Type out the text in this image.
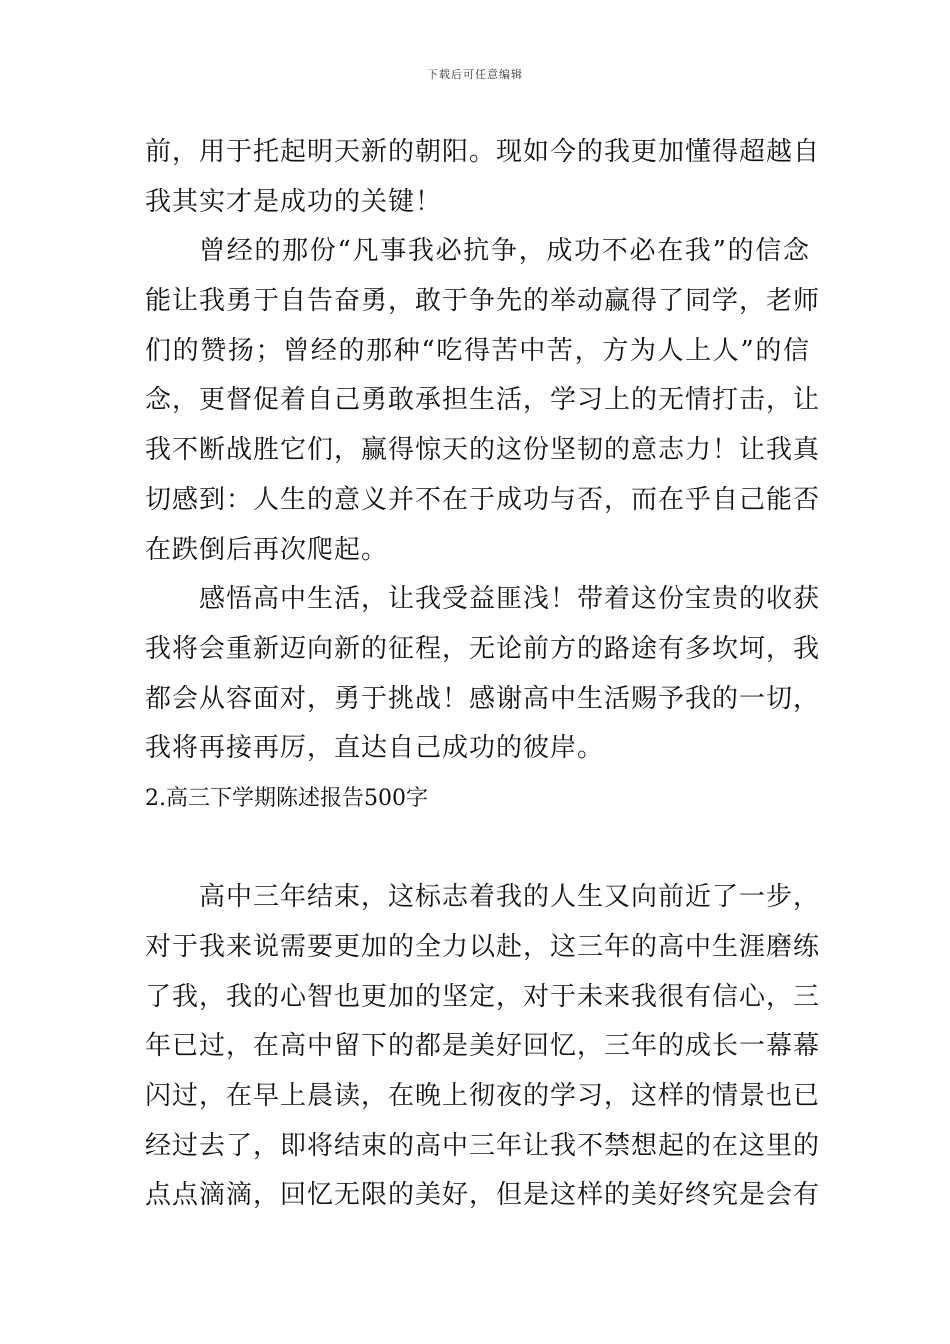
下载后可任意编辑
前，用于托起明天新的朝阳。现如今的我更加懂得超越自
我其实才是成功的关键！
曾经的那份“凡事我必抗争，成功不必在我”的信念
能让我勇于自告奋勇，敢于争先的举动赢得了同学，老师
们的赞扬；曾经的那种“吃得苦中苦，方为人上人”的信
念，更督促着自己勇敢承担生活，学习上的无情打击，让
我不断战胜它们，赢得惊天的这份坚韧的意志力！让我真
切感到：人生的意义并不在于成功与否，而在乎自己能否
在跌倒后再次爬起。
感悟高中生活，让我受益匪浅！带着这份宝贵的收获
我将会重新迈向新的征程，无论前方的路途有多坎坷，我
都会从容面对，勇于挑战！感谢高中生活赐予我的一切，
我将再接再厉，直达自己成功的彼岸。
2.高三下学期陈述报告500字
高中三年结束，这标志着我的人生又向前近了一步，
对于我来说需要更加的全力以赴，这三年的高中生涯磨练
了我，我的心智也更加的坚定，对于未来我很有信心，三
年已过，在高中留下的都是美好回忆，三年的成长一幕幕
闪过，在早上晨读，在晚上彻夜的学习，这样的情景也已
经过去了，即将结束的高中三年让我不禁想起的在这里的
点点滴滴，回忆无限的美好，但是这样的美好终究是会有
